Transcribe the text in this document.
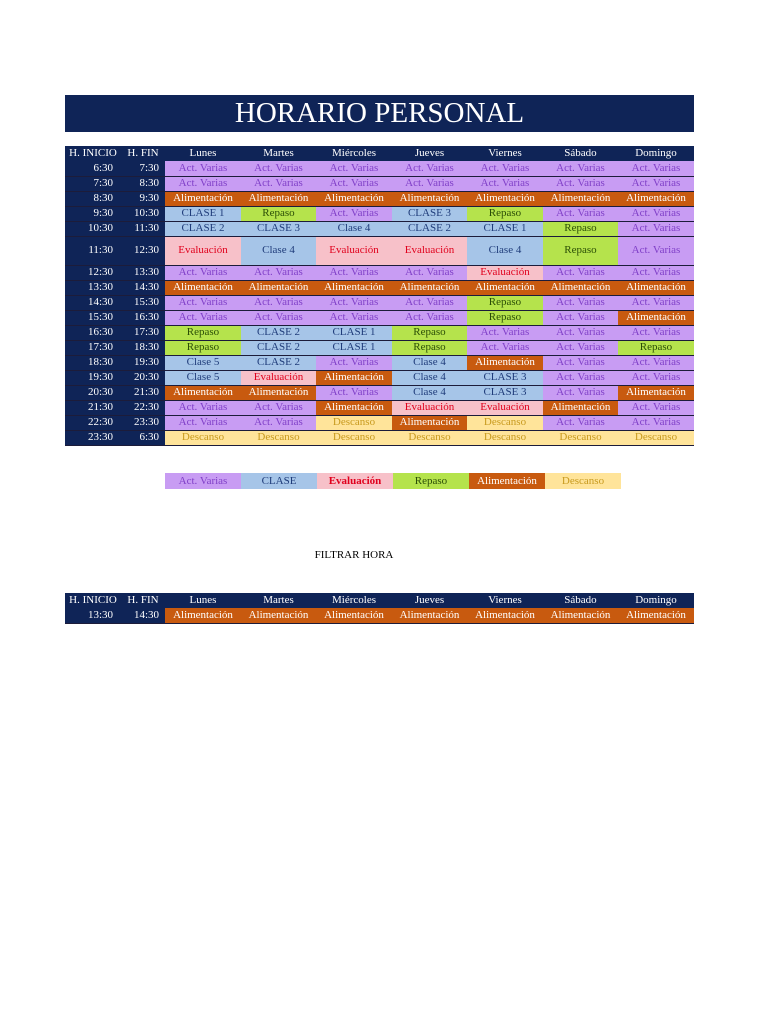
HORARIO PERSONAL
H. INICIO	H. FIN	Lunes	Martes	Miércoles	Jueves	Viernes	Sábado	Domingo
6:30	7:30	Act. Varias	Act. Varias	Act. Varias	Act. Varias	Act. Varias	Act. Varias	Act. Varias
7:30	8:30	Act. Varias	Act. Varias	Act. Varias	Act. Varias	Act. Varias	Act. Varias	Act. Varias
8:30	9:30	Alimentación	Alimentación	Alimentación	Alimentación	Alimentación	Alimentación	Alimentación
9:30	10:30	CLASE 1	Repaso	Act. Varias	CLASE 3	Repaso	Act. Varias	Act. Varias
10:30	11:30	CLASE 2	CLASE 3	Clase 4	CLASE 2	CLASE 1	Repaso	Act. Varias
11:30	12:30	Evaluación	Clase 4	Evaluación	Evaluación	Clase 4	Repaso	Act. Varias
12:30	13:30	Act. Varias	Act. Varias	Act. Varias	Act. Varias	Evaluación	Act. Varias	Act. Varias
13:30	14:30	Alimentación	Alimentación	Alimentación	Alimentación	Alimentación	Alimentación	Alimentación
14:30	15:30	Act. Varias	Act. Varias	Act. Varias	Act. Varias	Repaso	Act. Varias	Act. Varias
15:30	16:30	Act. Varias	Act. Varias	Act. Varias	Act. Varias	Repaso	Act. Varias	Alimentación
16:30	17:30	Repaso	CLASE 2	CLASE 1	Repaso	Act. Varias	Act. Varias	Act. Varias
17:30	18:30	Repaso	CLASE 2	CLASE 1	Repaso	Act. Varias	Act. Varias	Repaso
18:30	19:30	Clase 5	CLASE 2	Act. Varias	Clase 4	Alimentación	Act. Varias	Act. Varias
19:30	20:30	Clase 5	Evaluación	Alimentación	Clase 4	CLASE 3	Act. Varias	Act. Varias
20:30	21:30	Alimentación	Alimentación	Act. Varias	Clase 4	CLASE 3	Act. Varias	Alimentación
21:30	22:30	Act. Varias	Act. Varias	Alimentación	Evaluación	Evaluación	Alimentación	Act. Varias
22:30	23:30	Act. Varias	Act. Varias	Descanso	Alimentación	Descanso	Act. Varias	Act. Varias
23:30	6:30	Descanso	Descanso	Descanso	Descanso	Descanso	Descanso	Descanso
Act. Varias	CLASE	Evaluación	Repaso	Alimentación	Descanso
FILTRAR HORA
H. INICIO	H. FIN	Lunes	Martes	Miércoles	Jueves	Viernes	Sábado	Domingo
13:30	14:30	Alimentación	Alimentación	Alimentación	Alimentación	Alimentación	Alimentación	Alimentación
